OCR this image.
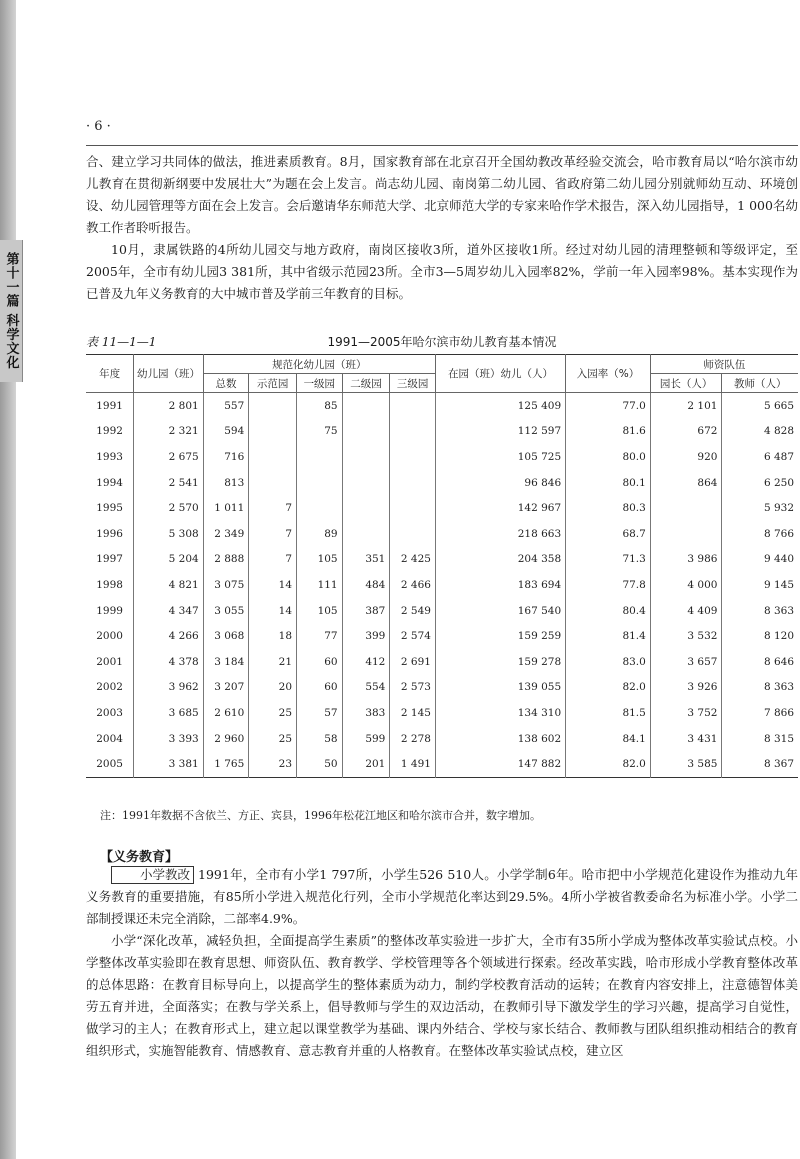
第十一篇 科学文化
· 6 ·

合、建立学习共同体的做法，推进素质教育。8月，国家教育部在北京召开全国幼教改革经验交流会，哈市教育局以“哈尔滨市幼儿教育在贯彻新纲要中发展壮大”为题在会上发言。尚志幼儿园、南岗第二幼儿园、省政府第二幼儿园分别就师幼互动、环境创设、幼儿园管理等方面在会上发言。会后邀请华东师范大学、北京师范大学的专家来哈作学术报告，深入幼儿园指导，1 000名幼教工作者聆听报告。

10月，隶属铁路的4所幼儿园交与地方政府，南岗区接收3所，道外区接收1所。经过对幼儿园的清理整顿和等级评定，至2005年，全市有幼儿园3 381所，其中省级示范园23所。全市3—5周岁幼儿入园率82%，学前一年入园率98%。基本实现作为已普及九年义务教育的大中城市普及学前三年教育的目标。

1991—2005年哈尔滨市幼儿教育基本情况
表 11—1—1
年度	幼儿园（班）	规范化幼儿园（班）					在园（班）幼儿（人）	入园率（%）	师资队伍	
		总数	示范园	一级园	二级园	三级园			园长（人）	教师（人）
1991	2 801	557		85			125 409	77.0	2 101	5 665
1992	2 321	594		75			112 597	81.6	672	4 828
1993	2 675	716					105 725	80.0	920	6 487
1994	2 541	813					96 846	80.1	864	6 250
1995	2 570	1 011	7				142 967	80.3		5 932
1996	5 308	2 349	7	89			218 663	68.7		8 766
1997	5 204	2 888	7	105	351	2 425	204 358	71.3	3 986	9 440
1998	4 821	3 075	14	111	484	2 466	183 694	77.8	4 000	9 145
1999	4 347	3 055	14	105	387	2 549	167 540	80.4	4 409	8 363
2000	4 266	3 068	18	77	399	2 574	159 259	81.4	3 532	8 120
2001	4 378	3 184	21	60	412	2 691	159 278	83.0	3 657	8 646
2002	3 962	3 207	20	60	554	2 573	139 055	82.0	3 926	8 363
2003	3 685	2 610	25	57	383	2 145	134 310	81.5	3 752	7 866
2004	3 393	2 960	25	58	599	2 278	138 602	84.1	3 431	8 315
2005	3 381	1 765	23	50	201	1 491	147 882	82.0	3 585	8 367
注：1991年数据不含依兰、方正、宾县，1996年松花江地区和哈尔滨市合并，数字增加。
【义务教育】

小学教改 1991年，全市有小学1 797所，小学生526 510人。小学学制6年。哈市把中小学规范化建设作为推动九年义务教育的重要措施，有85所小学进入规范化行列，全市小学规范化率达到29.5%。4所小学被省教委命名为标准小学。小学二部制授课还未完全消除，二部率4.9%。

小学“深化改革，减轻负担，全面提高学生素质”的整体改革实验进一步扩大，全市有35所小学成为整体改革实验试点校。小学整体改革实验即在教育思想、师资队伍、教育教学、学校管理等各个领域进行探索。经改革实践，哈市形成小学教育整体改革的总体思路：在教育目标导向上，以提高学生的整体素质为动力，制约学校教育活动的运转；在教育内容安排上，注意德智体美劳五育并进，全面落实；在教与学关系上，倡导教师与学生的双边活动，在教师引导下激发学生的学习兴趣，提高学习自觉性，做学习的主人；在教育形式上，建立起以课堂教学为基础、课内外结合、学校与家长结合、教师教与团队组织推动相结合的教育组织形式，实施智能教育、情感教育、意志教育并重的人格教育。在整体改革实验试点校，建立区
